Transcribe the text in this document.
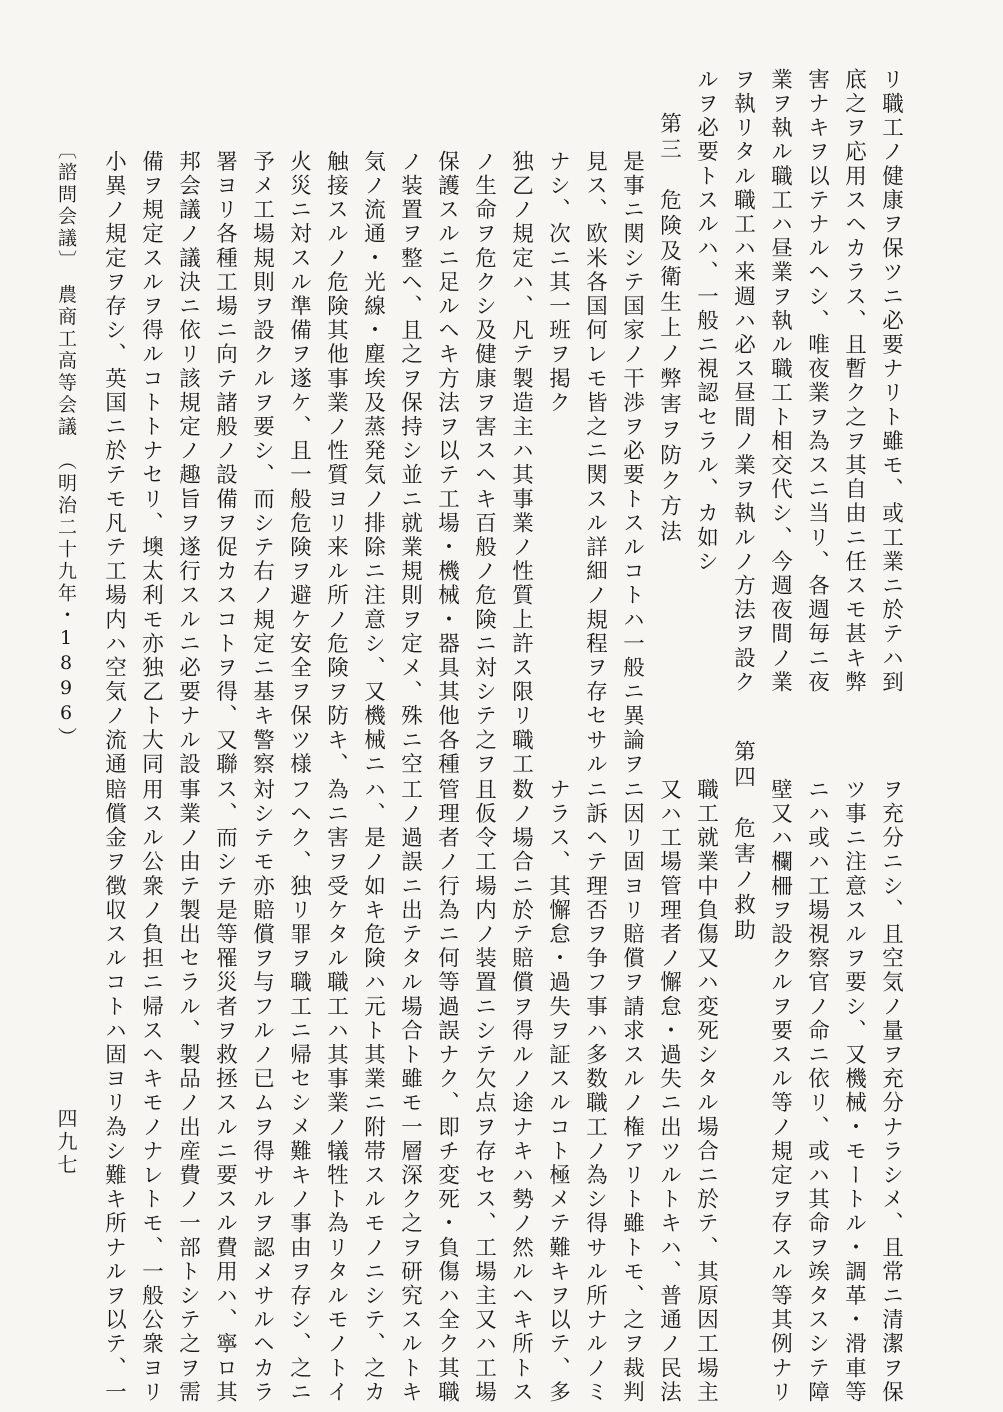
リ職工ノ健康ヲ保ツニ必要ナリト雖モ、或工業ニ於テハ到
底之ヲ応用スヘカラス、且暫ク之ヲ其自由ニ任スモ甚キ弊
害ナキヲ以テナルヘシ、唯夜業ヲ為スニ当リ、各週毎ニ夜
業ヲ執ル職工ハ昼業ヲ執ル職工ト相交代シ、今週夜間ノ業
ヲ執リタル職工ハ来週ハ必ス昼間ノ業ヲ執ルノ方法ヲ設ク
ルヲ必要トスルハ、一般ニ視認セラル、カ如シ
第三　危険及衛生上ノ弊害ヲ防ク方法
是事ニ関シテ国家ノ干渉ヲ必要トスルコトハ一般ニ異論ヲ
見ス、欧米各国何レモ皆之ニ関スル詳細ノ規程ヲ存セサル
ナシ、次ニ其一班ヲ掲ク
独乙ノ規定ハ、凡テ製造主ハ其事業ノ性質上許ス限リ職工
ノ生命ヲ危クシ及健康ヲ害スヘキ百般ノ危険ニ対シテ之ヲ
保護スルニ足ルヘキ方法ヲ以テ工場・機械・器具其他各種
ノ装置ヲ整ヘ、且之ヲ保持シ並ニ就業規則ヲ定メ、殊ニ空
気ノ流通・光線・塵埃及蒸発気ノ排除ニ注意シ、又機械ニ
触接スルノ危険其他事業ノ性質ヨリ来ル所ノ危険ヲ防キ、
火災ニ対スル準備ヲ遂ケ、且一般危険ヲ避ケ安全ヲ保ツ様
予メ工場規則ヲ設クルヲ要シ、而シテ右ノ規定ニ基キ警察
署ヨリ各種工場ニ向テ諸般ノ設備ヲ促カスコトヲ得、又聯
邦会議ノ議決ニ依リ該規定ノ趣旨ヲ遂行スルニ必要ナル設
備ヲ規定スルヲ得ルコトトナセリ、墺太利モ亦独乙ト大同
小異ノ規定ヲ存シ、英国ニ於テモ凡テ工場内ハ空気ノ流通
〔諮問会議〕　農商工高等会議　（明治二十九年・1896）
ヲ充分ニシ、且空気ノ量ヲ充分ナラシメ、且常ニ清潔ヲ保
ツ事ニ注意スルヲ要シ、又機械・モートル・調革・滑車等
ニハ或ハ工場視察官ノ命ニ依リ、或ハ其命ヲ竢タスシテ障
壁又ハ欄柵ヲ設クルヲ要スル等ノ規定ヲ存スル等其例ナリ
第四　危害ノ救助
職工就業中負傷又ハ変死シタル場合ニ於テ、其原因工場主
又ハ工場管理者ノ懈怠・過失ニ出ツルトキハ、普通ノ民法
ニ因リ固ヨリ賠償ヲ請求スルノ権アリト雖トモ、之ヲ裁判
ニ訴ヘテ理否ヲ争フ事ハ多数職工ノ為シ得サル所ナルノミ
ナラス、其懈怠・過失ヲ証スルコト極メテ難キヲ以テ、多
数ノ場合ニ於テ賠償ヲ得ルノ途ナキハ勢ノ然ルヘキ所トス
且仮令工場内ノ装置ニシテ欠点ヲ存セス、工場主又ハ工場
管理者ノ行為ニ何等過誤ナク、即チ変死・負傷ハ全ク其職
工ノ過誤ニ出テタル場合ト雖モ一層深ク之ヲ研究スルトキ
ハ、是ノ如キ危険ハ元ト其業ニ附帯スルモノニシテ、之カ
為ニ害ヲ受ケタル職工ハ其事業ノ犠牲ト為リタルモノトイ
フヘク、独リ罪ヲ職工ニ帰セシメ難キノ事由ヲ存シ、之ニ
対シテモ亦賠償ヲ与フルノ已ムヲ得サルヲ認メサルヘカラ
ス、而シテ是等罹災者ヲ救拯スルニ要スル費用ハ、寧ロ其
事業ノ由テ製出セラル、製品ノ出産費ノ一部トシテ之ヲ需
用スル公衆ノ負担ニ帰スヘキモノナレトモ、一般公衆ヨリ
賠償金ヲ徴収スルコトハ固ヨリ為シ難キ所ナルヲ以テ、一
四九七
